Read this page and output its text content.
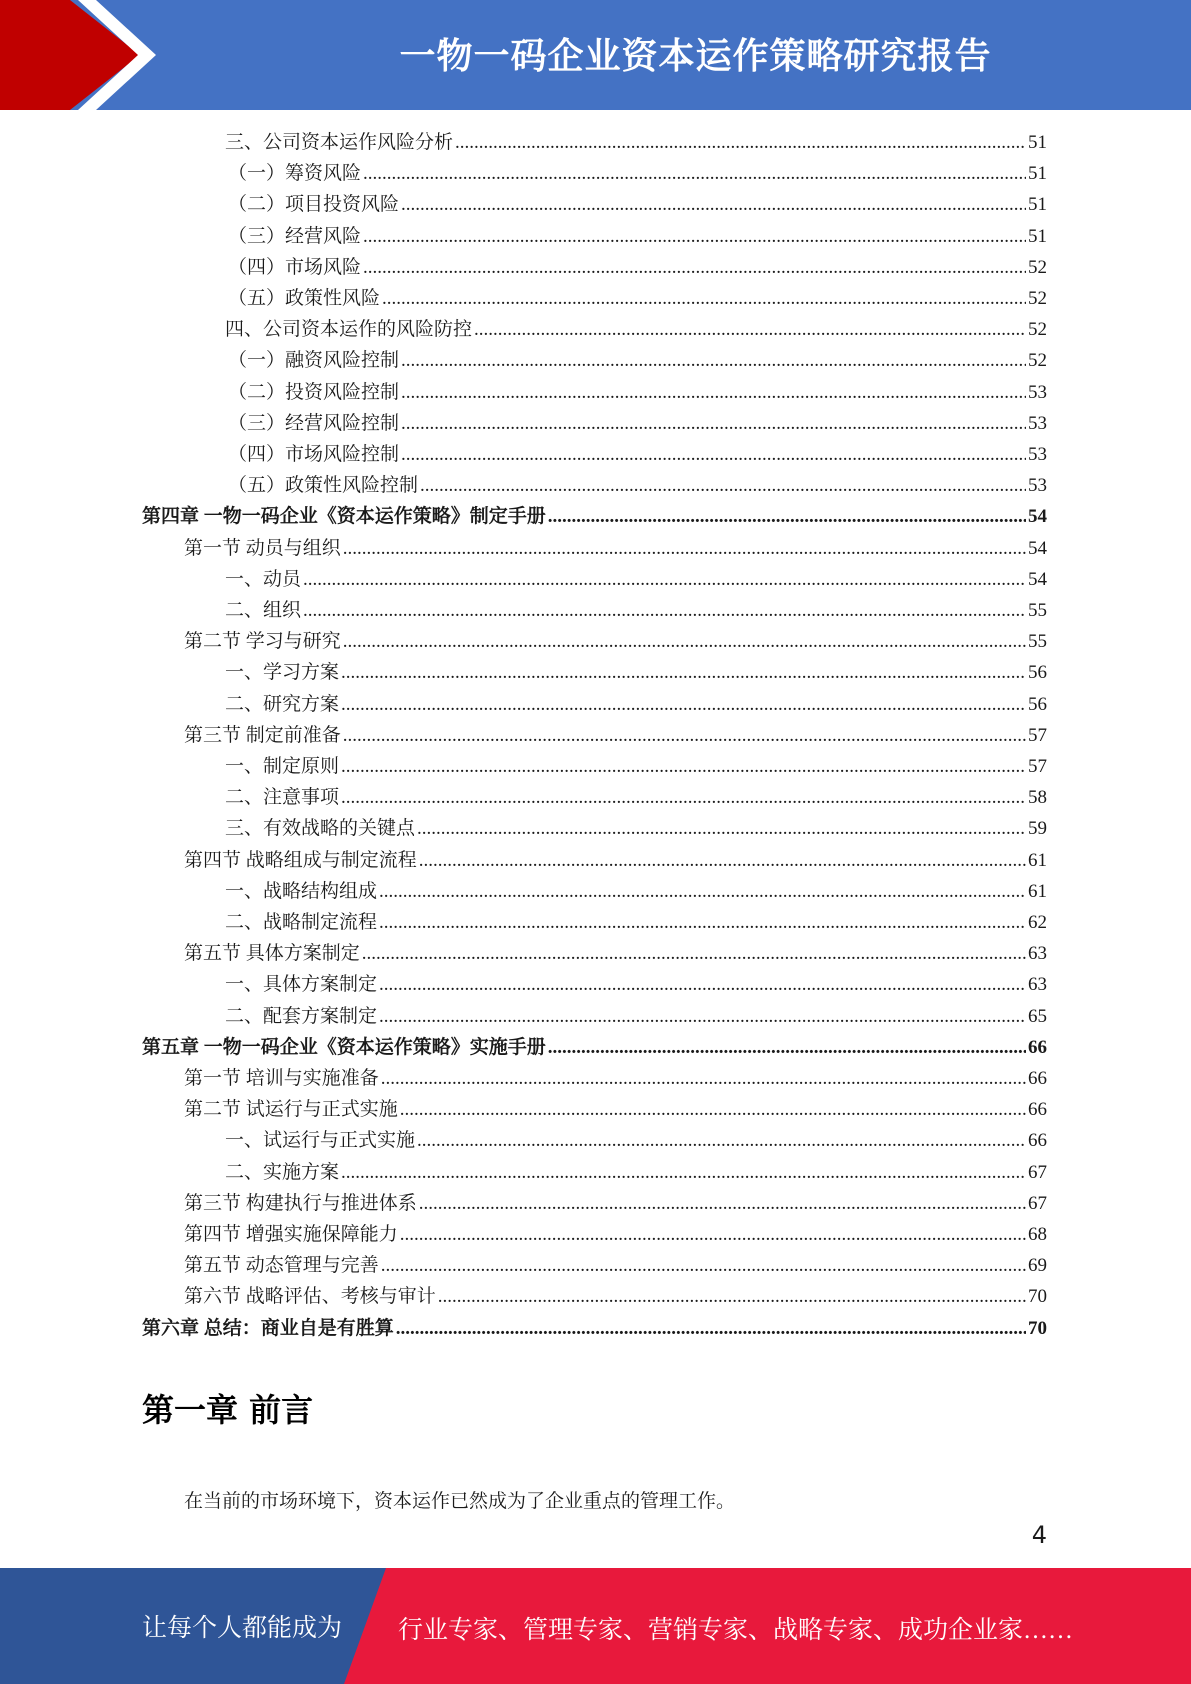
一物一码企业资本运作策略研究报告
三、公司资本运作风险分析 .....	51
（一）筹资风险 .....	51
（二）项目投资风险 .....	51
（三）经营风险 .....	51
（四）市场风险 .....	52
（五）政策性风险 .....	52
四、公司资本运作的风险防控 .....	52
（一）融资风险控制 .....	52
（二）投资风险控制 .....	53
（三）经营风险控制 .....	53
（四）市场风险控制 .....	53
（五）政策性风险控制 .....	53
第四章 一物一码企业《资本运作策略》制定手册 .....	54
第一节 动员与组织 .....	54
一、动员 .....	54
二、组织 .....	55
第二节 学习与研究 .....	55
一、学习方案 .....	56
二、研究方案 .....	56
第三节 制定前准备 .....	57
一、制定原则 .....	57
二、注意事项 .....	58
三、有效战略的关键点 .....	59
第四节 战略组成与制定流程 .....	61
一、战略结构组成 .....	61
二、战略制定流程 .....	62
第五节 具体方案制定 .....	63
一、具体方案制定 .....	63
二、配套方案制定 .....	65
第五章 一物一码企业《资本运作策略》实施手册 .....	66
第一节 培训与实施准备 .....	66
第二节 试运行与正式实施 .....	66
一、试运行与正式实施 .....	66
二、实施方案 .....	67
第三节 构建执行与推进体系 .....	67
第四节 增强实施保障能力 .....	68
第五节 动态管理与完善 .....	69
第六节 战略评估、考核与审计 .....	70
第六章 总结：商业自是有胜算 .....	70
第一章 前言
在当前的市场环境下，资本运作已然成为了企业重点的管理工作。
4
让每个人都能成为 行业专家、管理专家、营销专家、战略专家、成功企业家……
